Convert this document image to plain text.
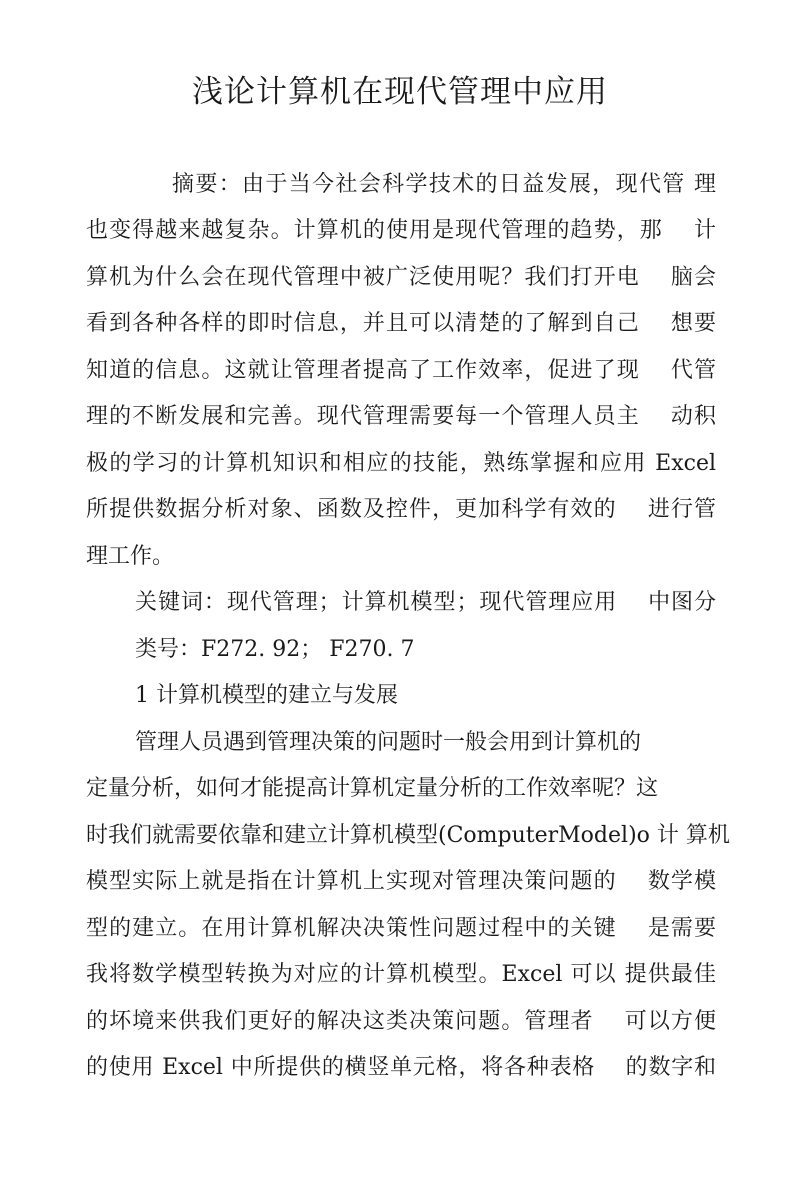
浅论计算机在现代管理中应用

摘要：由于当今社会科学技术的日益发展，现代管 理

也变得越来越复杂。计算机的使用是现代管理的趋势，那　 计

算机为什么会在现代管理中被广泛使用呢？我们打开电　 脑会

看到各种各样的即时信息，并且可以清楚的了解到自己　 想要

知道的信息。这就让管理者提高了工作效率，促进了现　 代管

理的不断发展和完善。现代管理需要每一个管理人员主　 动积

极的学习的计算机知识和相应的技能，熟练掌握和应用 Excel

所提供数据分析对象、函数及控件，更加科学有效的　 进行管

理工作。

关键词：现代管理；计算机模型；现代管理应用　 中图分

类号：F272. 92； F270. 7

1 计算机模型的建立与发展

管理人员遇到管理决策的问题时一般会用到计算机的

定量分析，如何才能提高计算机定量分析的工作效率呢？这

时我们就需要依靠和建立计算机模型(ComputerModel)o 计 算机

模型实际上就是指在计算机上实现对管理决策问题的　 数学模

型的建立。在用计算机解决决策性问题过程中的关键　 是需要

我将数学模型转换为对应的计算机模型。Excel 可以 提供最佳

的坏境来供我们更好的解决这类决策问题。管理者　 可以方便

的使用 Excel 中所提供的横竖单元格，将各种表格　 的数字和
